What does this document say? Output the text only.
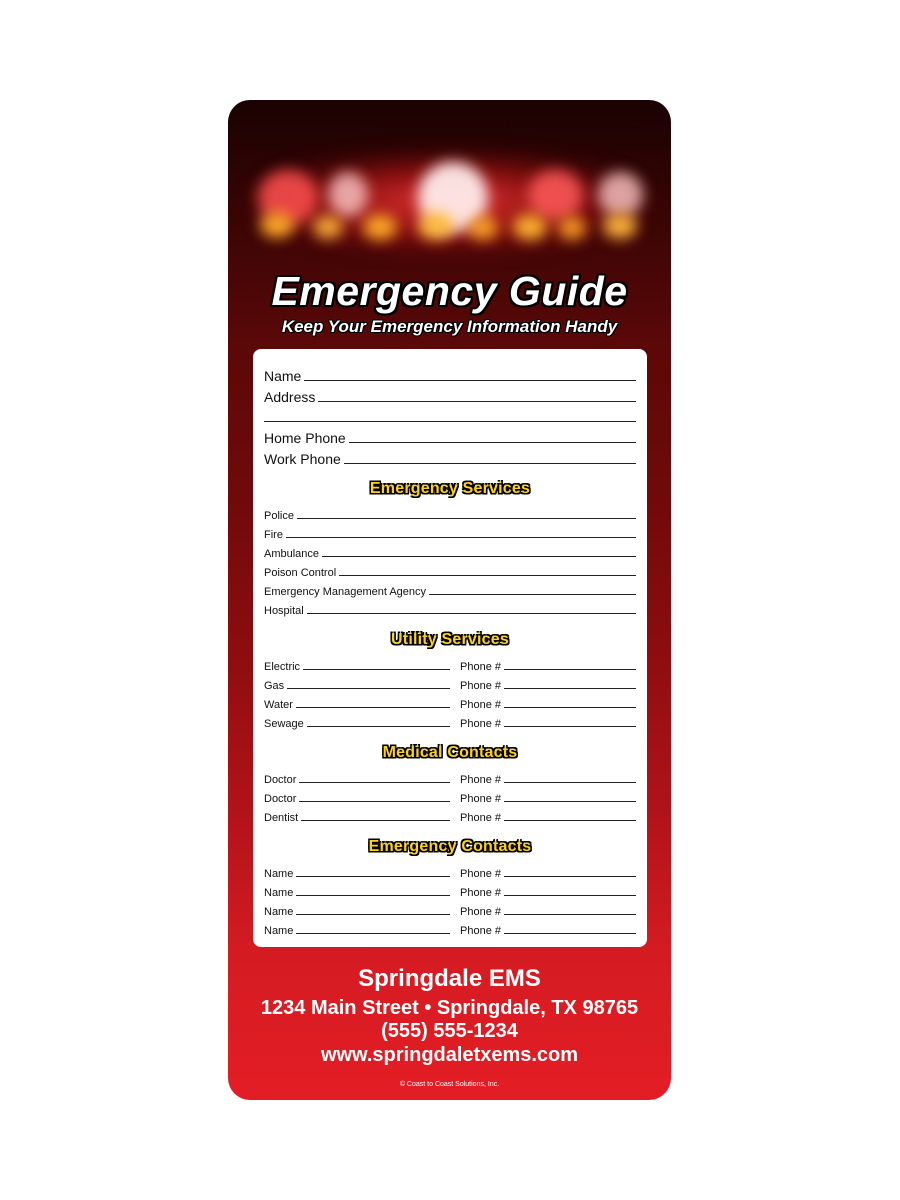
Emergency Guide
Keep Your Emergency Information Handy
Name
Address
Home Phone
Work Phone
Emergency Services
Police
Fire
Ambulance
Poison Control
Emergency Management Agency
Hospital
Utility Services
Electric	Phone #
Gas	Phone #
Water	Phone #
Sewage	Phone #
Medical Contacts
Doctor	Phone #
Doctor	Phone #
Dentist	Phone #
Emergency Contacts
Name	Phone #
Name	Phone #
Name	Phone #
Name	Phone #
Springdale EMS
1234 Main Street • Springdale, TX 98765
(555) 555-1234
www.springdaletxems.com
© Coast to Coast Solutions, Inc.
